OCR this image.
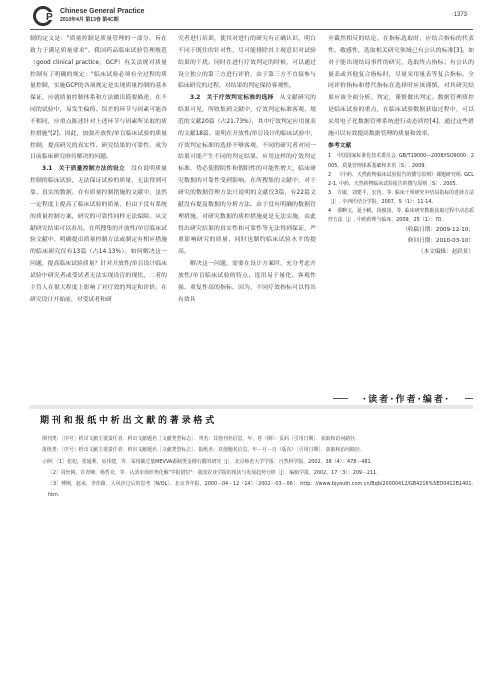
P
Chinese General Practice
2010年4月 第13卷 第4C期
·1373·

制的定义是："质量控制是质量管理的一部分，旨在致力于满足质量要求"。我国药品临床试验管理规范（good clinical practice，GCP）有关法规对质量控制有了明确的规定："临床试验必须有全过程的质量控制，实施GCP的各项规定是实现质量控制的基本保证，应就质量控制体系和方法做出简要描述，在不同的试验中，易发生偏倚、误差的环节与因素可能各不相同，应重点陈述针对上述环节与因素所采取的质控措施"[2]。因此，加强开放性/单盲临床试验的质量控制，提高研究的真实性、研究结果的可靠性，成为目前临床研究亟待解决的问题。

3.1　关于质量控制方法的设立　 没有说明质量控制的临床试验，无法保证试验的质量，无法得到可靠、真实的数据。在有质量控制措施的文献中，虽然一定程度上提高了临床试验的质量，但由于没有系统的质量控制方案，研究的可靠性同样无法保障。从文献研究结果可以看出，在所搜集的开放性/单盲临床试验文献中，明确提出质量控制方法或制定有相应措施的临床研究仅有13篇（占14.13%）。如何解决这一问题，提高临床试验质量？针对开放性/单盲设计临床试验中研究者或受试者无法实现设盲的现状，二者的主管人在很大程度上影响了对疗效的判定和评价。在研究设计开始前，对受试者和研

究者进行培训，使其对进行的研究有正确认识，明白不同于既往的针对性，尽可能排除其主观意识对试验结果的干扰。同时在进行疗效判定的时候，可以通过设立独立的第三方进行评价，由于第三方不直接参与临床研究的过程，对结果的判定保持客观性。

3.2　关于疗效判定标准的选择　 从文献研究的结果可见，所收集到文献中，疗效判定标准客观、规范的文献20篇（占21.73%），其中疗效判定应用量表的文献18篇。说明在开放性/单盲设计的临床试验中，疗效判定标准的选择不够客观，不同的研究者对同一结果可能产生不同的判定结果。应用这样的疗效判定标准，势必使假阴性和假阳性的可能性增大，临床研究数据的可靠性受到影响。在所搜集的文献中，对于研究的数据管理方法只说明的文献仅3篇，有22篇文献没有提及数据的分析方法。由于没有明确的数据管理措施，对研究数据的质控措施更是无法实施，由此得出研究结果的真实性和可靠性等无法得到保证，严重影响研究的质量，同时也制约临床试验水平的提高。

解决这一问题，需要在设计方案时，充分考虑开放性/单盲临床试验的特点，选用易于量化、客观性强、重复性高的指标。因为，不同疗效指标可以得出有效具

至截然相反的结论。在指标选取时，应结合指标的代表性、敏感性，选取相关研究领域已有公认的标准[3]。如对于能出现结局事件的研究，选取终点指标；有公认的量表或其他复合指标时，尽量采用量表等复合指标。全同评价指标和替代指标在选择时应该谨慎，对其研究结果应该全面分析、判定，谨慎做出判定。数据管理质控是临床试验的重点，在临床试验数据获取过程中，可以采用电子化数据管理系统进行动态质控[4]。通过这些措施可以有效提高数据管理的质量和效率。

参考文献

1 中国国家标准化技术委员会. GB/T19000—2008/ISO9000：2005，质量管理体系基础和术语［S］. 2009.

2 《中药、天然药物临床试验报告的撰写原则》课题研究组. GCL 2-1. 中药、天然药物临床试验报告的撰写原则［S］. 2005.

3 方敏，刘建平，宏仿，等. 临床干预研究中结局指标的选择方法［J］. 中西医结合学报，2007，5（1）：11-14.

4 那啊文，夏小帆，段俊国，等. 临床研究数据获取过程中动态质控方法［J］. 中药药理与临床，2009，25（1）：70.

（收稿日期：2009-12-10；

修回日期：2010-03-10）

（本文编辑：赵跃景）

·读者·作者·编者·
期刊和报纸中析出文献的著录格式

期刊类：［序号］析出文献主要责任者．析出文献题名［文献类型标志］．刊名：其他刊名信息，年，卷（期）：页码［引用日期］．获取和访问路径．

报纸类：［序号］析出文献主要责任者．析出文献题名［文献类型标志］．报纸名：其他题名信息，年－月－日（版次）［引用日期］．获取和访问路径．

示例：［1］张旭，张通利，易伟建，等．采用碳过量MEVVA源制类金刚石膜的研究［J］．北京师范大学学报：自然科学版，2002，38（4）：478－481．

［2］周丝桃，许青峰，杨哲众，等．认清市场形势化解"学报错位"：我国农业学报的现状与发展趋势分析［J］．编辑学报，2002，17（3）：209－211．

［3］傅刚，赵承，李佳路．大风沙过后的思考［N/OL］．北京青年报，2000－04－12（14）［2002－03－06］．http：//www.bjyouth.com.cn/Bqb/20000412/GB4216%5ED0412B1401.htm．
